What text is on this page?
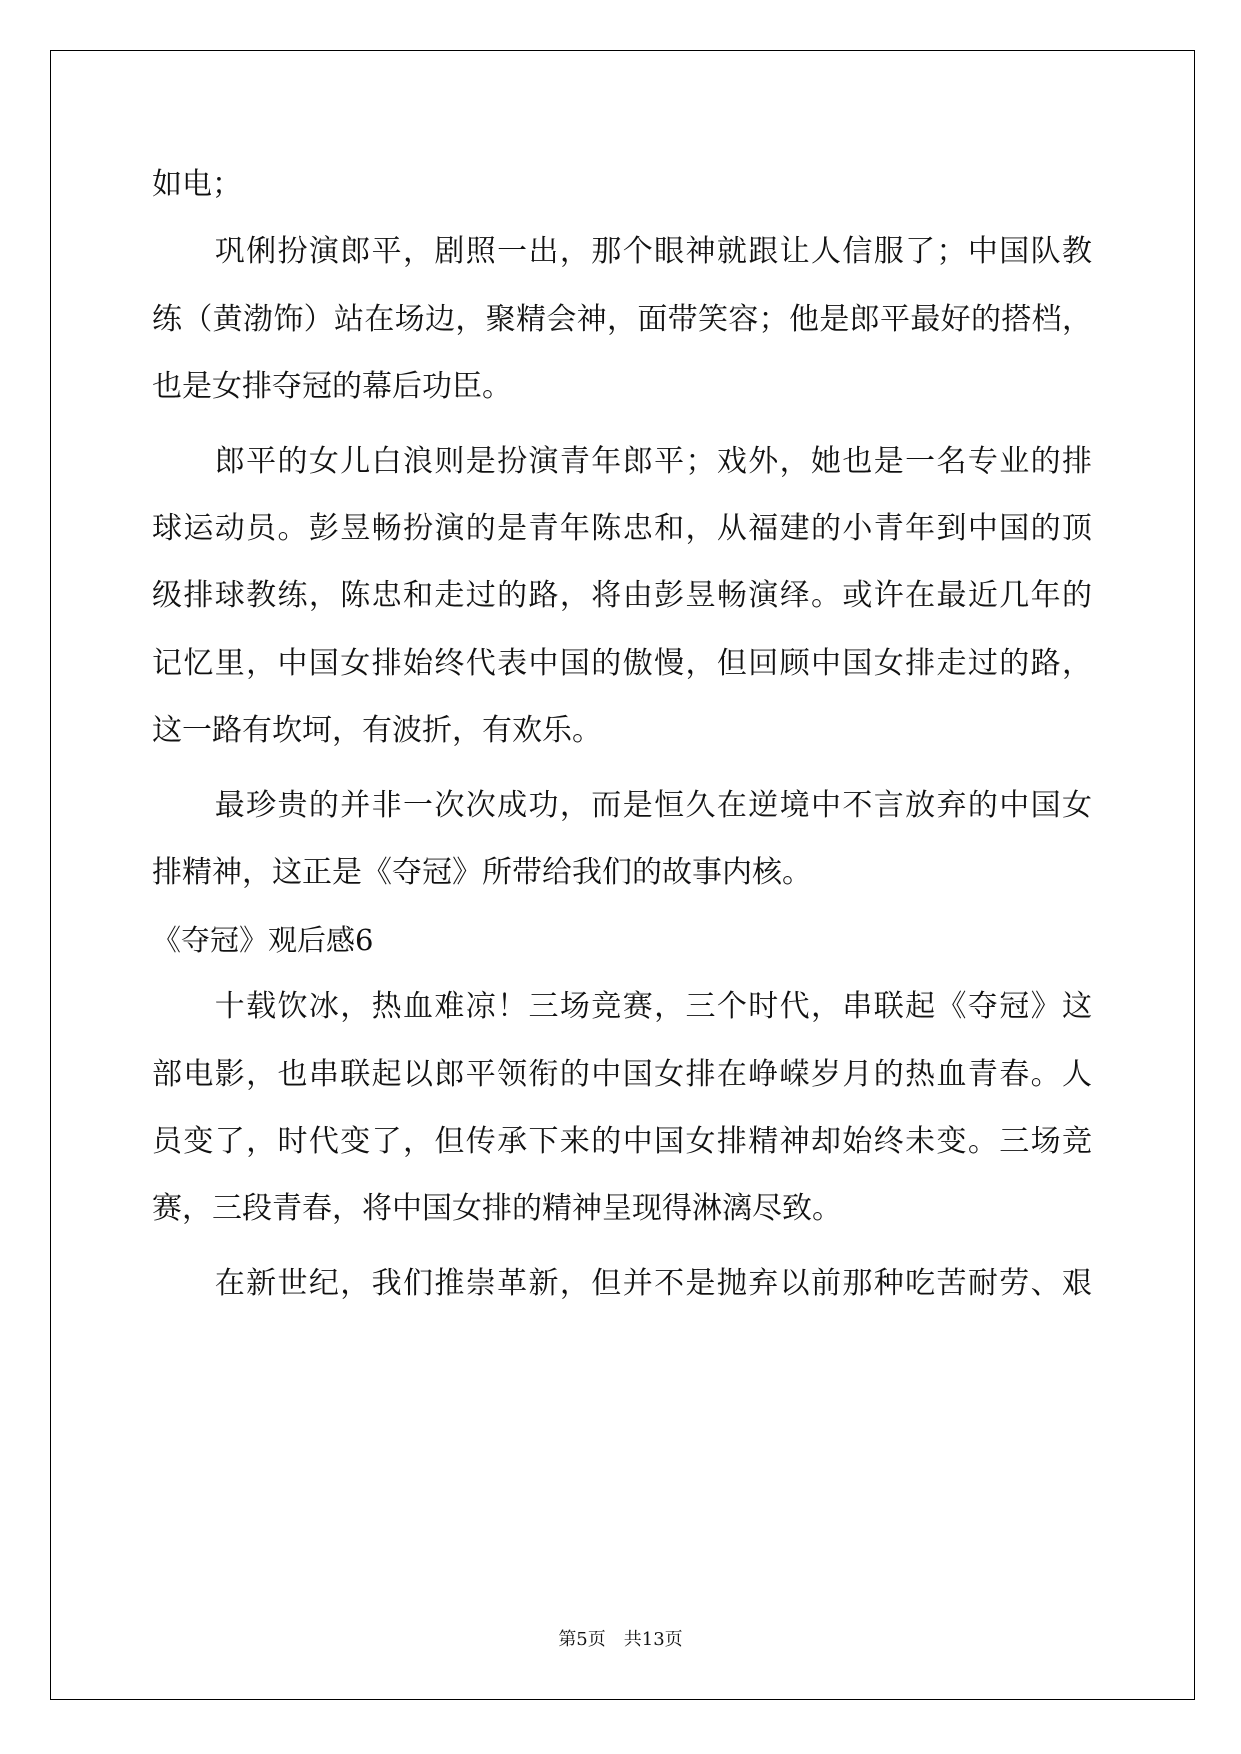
如电；
　　巩俐扮演郎平，剧照一出，那个眼神就跟让人信服了；中国队教
练（黄渤饰）站在场边，聚精会神，面带笑容；他是郎平最好的搭档，
也是女排夺冠的幕后功臣。
　　郎平的女儿白浪则是扮演青年郎平；戏外，她也是一名专业的排
球运动员。彭昱畅扮演的是青年陈忠和，从福建的小青年到中国的顶
级排球教练，陈忠和走过的路，将由彭昱畅演绎。或许在最近几年的
记忆里，中国女排始终代表中国的傲慢，但回顾中国女排走过的路，
这一路有坎坷，有波折，有欢乐。
　　最珍贵的并非一次次成功，而是恒久在逆境中不言放弃的中国女
排精神，这正是《夺冠》所带给我们的故事内核。
《夺冠》观后感6
　　十载饮冰，热血难凉！三场竞赛，三个时代，串联起《夺冠》这
部电影，也串联起以郎平领衔的中国女排在峥嵘岁月的热血青春。人
员变了，时代变了，但传承下来的中国女排精神却始终未变。三场竞
赛，三段青春，将中国女排的精神呈现得淋漓尽致。
　　在新世纪，我们推崇革新，但并不是抛弃以前那种吃苦耐劳、艰
第5页　共13页
